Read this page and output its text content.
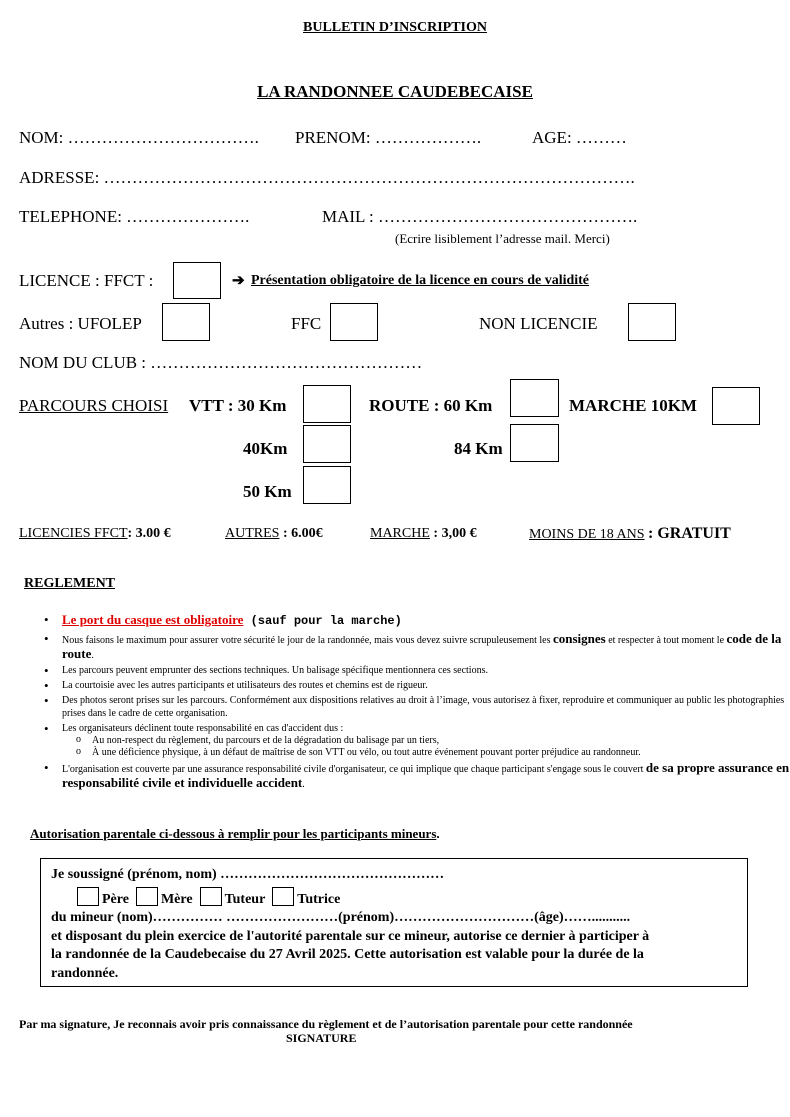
BULLETIN D’INSCRIPTION
LA RANDONNEE CAUDEBECAISE
NOM: ……………………………. PRENOM: ……………….	AGE: ………
ADRESSE: ………………………………………………………………………………….
TELEPHONE: ………………….	MAIL : ……………………………………….
(Ecrire lisiblement l’adresse mail. Merci)
LICENCE : FFCT :	➔ Présentation obligatoire de la licence en cours de validité
Autres : UFOLEP	FFC	NON LICENCIE
NOM DU CLUB : …………………………………………
PARCOURS CHOISI VTT : 30 Km	ROUTE : 60 Km	MARCHE 10KM
40Km	84 Km
50 Km
LICENCIES FFCT: 3.00 €	AUTRES : 6.00€	MARCHE : 3,00 €	MOINS DE 18 ANS : GRATUIT
REGLEMENT
• Le port du casque est obligatoire (sauf pour la marche)
• Nous faisons le maximum pour assurer votre sécurité le jour de la randonnée, mais vous devez suivre scrupuleusement les consignes et respecter à tout moment le code de la route.
• Les parcours peuvent emprunter des sections techniques. Un balisage spécifique mentionnera ces sections.
• La courtoisie avec les autres participants et utilisateurs des routes et chemins est de rigueur.
• Des photos seront prises sur les parcours. Conformément aux dispositions relatives au droit à l’image, vous autorisez à fixer, reproduire et communiquer au public les photographies prises dans le cadre de cette organisation.
• Les organisateurs déclinent toute responsabilité en cas d'accident dus :
o Au non-respect du règlement, du parcours et de la dégradation du balisage par un tiers,
o À une déficience physique, à un défaut de maîtrise de son VTT ou vélo, ou tout autre événement pouvant porter préjudice au randonneur.
• L'organisation est couverte par une assurance responsabilité civile d'organisateur, ce qui implique que chaque participant s'engage sous le couvert de sa propre assurance en responsabilité civile et individuelle accident.
Autorisation parentale ci-dessous à remplir pour les participants mineurs.
Je soussigné (prénom, nom) …………………………………………
Père Mère Tuteur Tutrice
du mineur (nom)…………… ……………………(prénom)…………………………(âge)……...........
et disposant du plein exercice de l'autorité parentale sur ce mineur, autorise ce dernier à participer à
la randonnée de la Caudebecaise du 27 Avril 2025. Cette autorisation est valable pour la durée de la
randonnée.
Par ma signature, Je reconnais avoir pris connaissance du règlement et de l’autorisation parentale pour cette randonnée
SIGNATURE
